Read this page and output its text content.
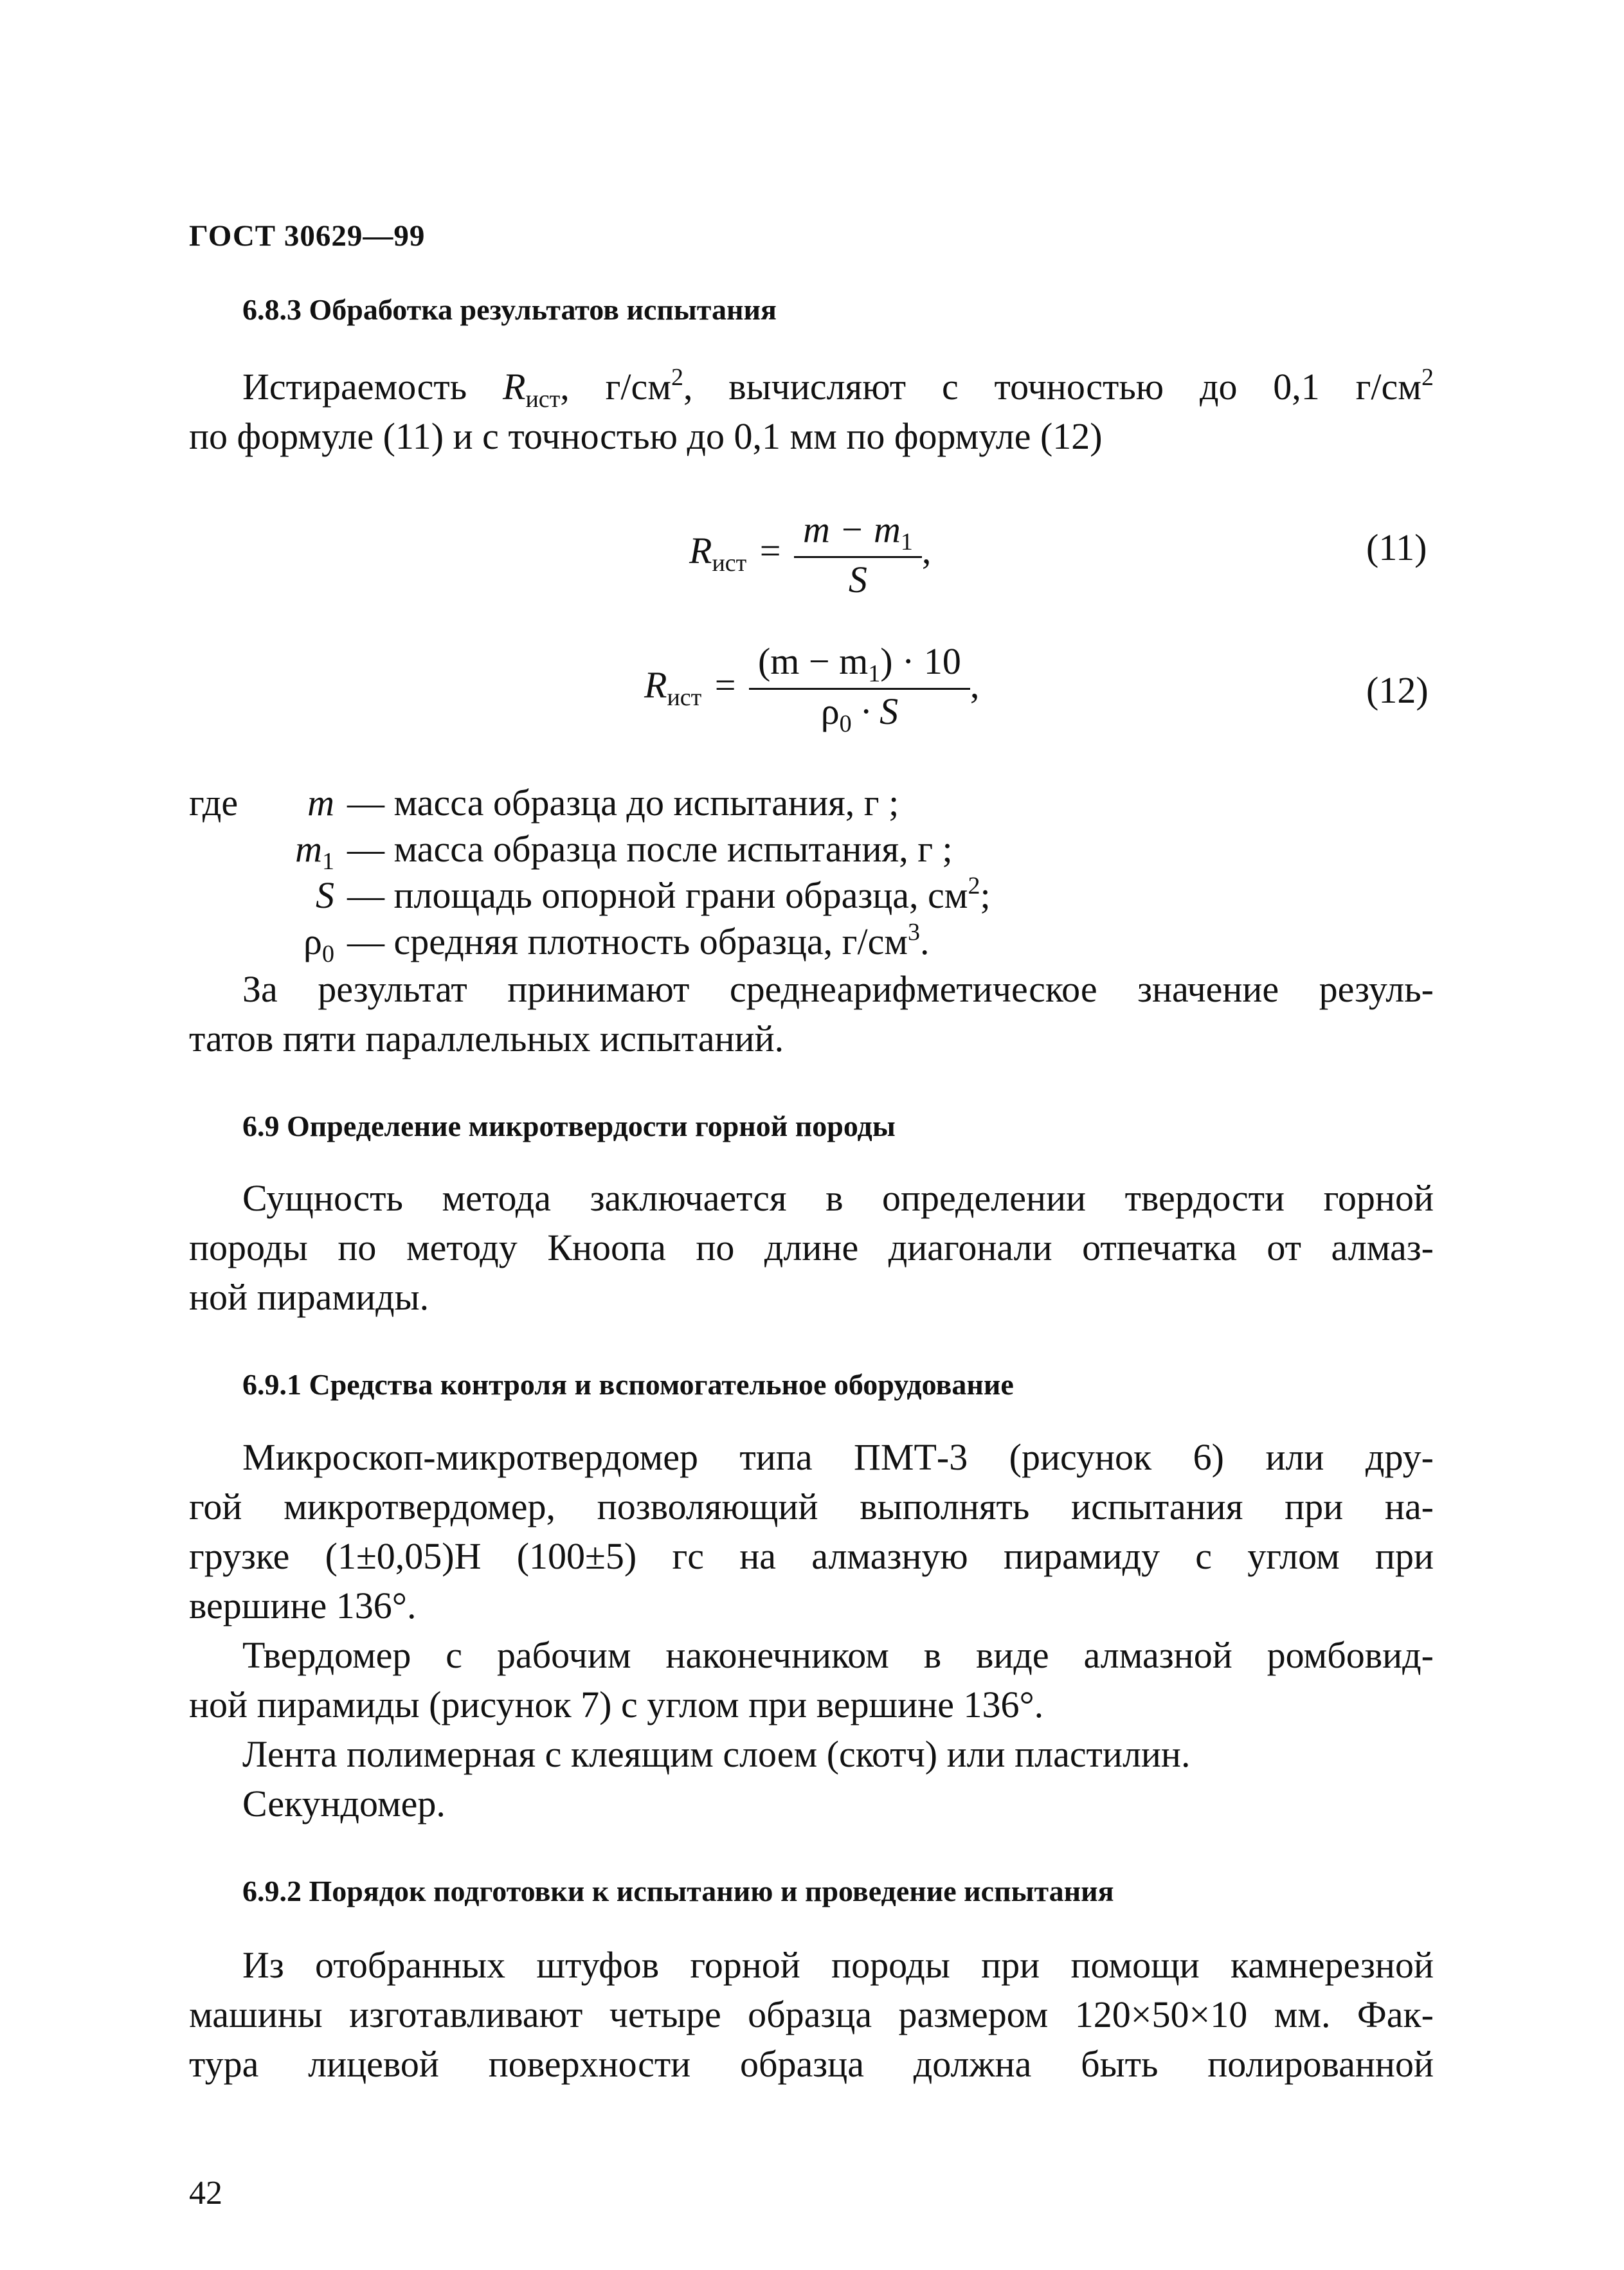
ГОСТ 30629—99
6.8.3 Обработка результатов испытания
Истираемость $R_{ист}$, $г/см^2$, вычисляют с точностью до 0,1 $г/см^2$
по формуле (11) и с точностью до 0,1 мм по формуле (12)
$R_{ист} = \frac{m - m_1}{S}$ ,	(11)
$R_{ист} = \frac{(m - m_1) \cdot 10}{\rho_0 \cdot S}$ ,	(12)
где	m — масса образца до испытания, г ;
$m_1$ — масса образца после испытания, г ;
S — площадь опорной грани образца, $см^2$;
$\rho_0$ — средняя плотность образца, $г/см^3$.
За результат принимают среднеарифметическое значение резуль-
татов пяти параллельных испытаний.
6.9 Определение микротвердости горной породы
Сущность метода заключается в определении твердости горной
породы по методу Кноопа по длине диагонали отпечатка от алмаз-
ной пирамиды.
6.9.1 Средства контроля и вспомогательное оборудование
Микроскоп-микротвердомер типа ПМТ-3 (рисунок 6) или дру-
гой микротвердомер, позволяющий выполнять испытания при на-
грузке (1±0,05)Н (100±5) гс на алмазную пирамиду с углом при
вершине 136°.
Твердомер с рабочим наконечником в виде алмазной ромбовид-
ной пирамиды (рисунок 7) с углом при вершине 136°.
Лента полимерная с клеящим слоем (скотч) или пластилин.
Секундомер.
6.9.2 Порядок подготовки к испытанию и проведение испытания
Из отобранных штуфов горной породы при помощи камнерезной
машины изготавливают четыре образца размером 120×50×10 мм. Фак-
тура лицевой поверхности образца должна быть полированной
42
